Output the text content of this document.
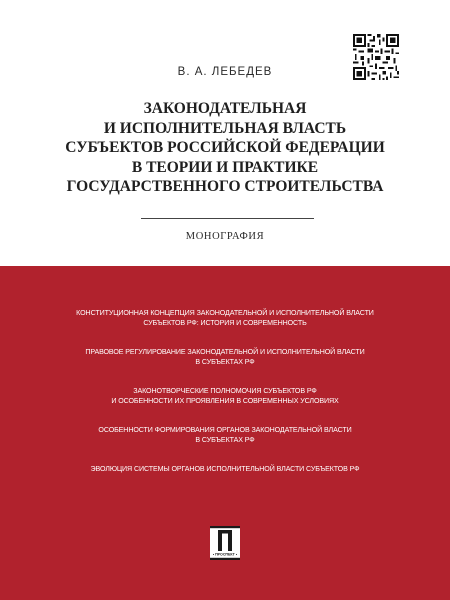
В. А. ЛЕБЕДЕВ
ЗАКОНОДАТЕЛЬНАЯ
И ИСПОЛНИТЕЛЬНАЯ ВЛАСТЬ
СУБЪЕКТОВ РОССИЙСКОЙ ФЕДЕРАЦИИ
В ТЕОРИИ И ПРАКТИКЕ
ГОСУДАРСТВЕННОГО СТРОИТЕЛЬСТВА
МОНОГРАФИЯ
КОНСТИТУЦИОННАЯ КОНЦЕПЦИЯ ЗАКОНОДАТЕЛЬНОЙ И ИСПОЛНИТЕЛЬНОЙ ВЛАСТИ
СУБЪЕКТОВ РФ: ИСТОРИЯ И СОВРЕМЕННОСТЬ
ПРАВОВОЕ РЕГУЛИРОВАНИЕ ЗАКОНОДАТЕЛЬНОЙ И ИСПОЛНИТЕЛЬНОЙ ВЛАСТИ
В СУБЪЕКТАХ РФ
ЗАКОНОТВОРЧЕСКИЕ ПОЛНОМОЧИЯ СУБЪЕКТОВ РФ
И ОСОБЕННОСТИ ИХ ПРОЯВЛЕНИЯ В СОВРЕМЕННЫХ УСЛОВИЯХ
ОСОБЕННОСТИ ФОРМИРОВАНИЯ ОРГАНОВ ЗАКОНОДАТЕЛЬНОЙ ВЛАСТИ
В СУБЪЕКТАХ РФ
ЭВОЛЮЦИЯ СИСТЕМЫ ОРГАНОВ ИСПОЛНИТЕЛЬНОЙ ВЛАСТИ СУБЪЕКТОВ РФ
• ПРОСПЕКТ •
